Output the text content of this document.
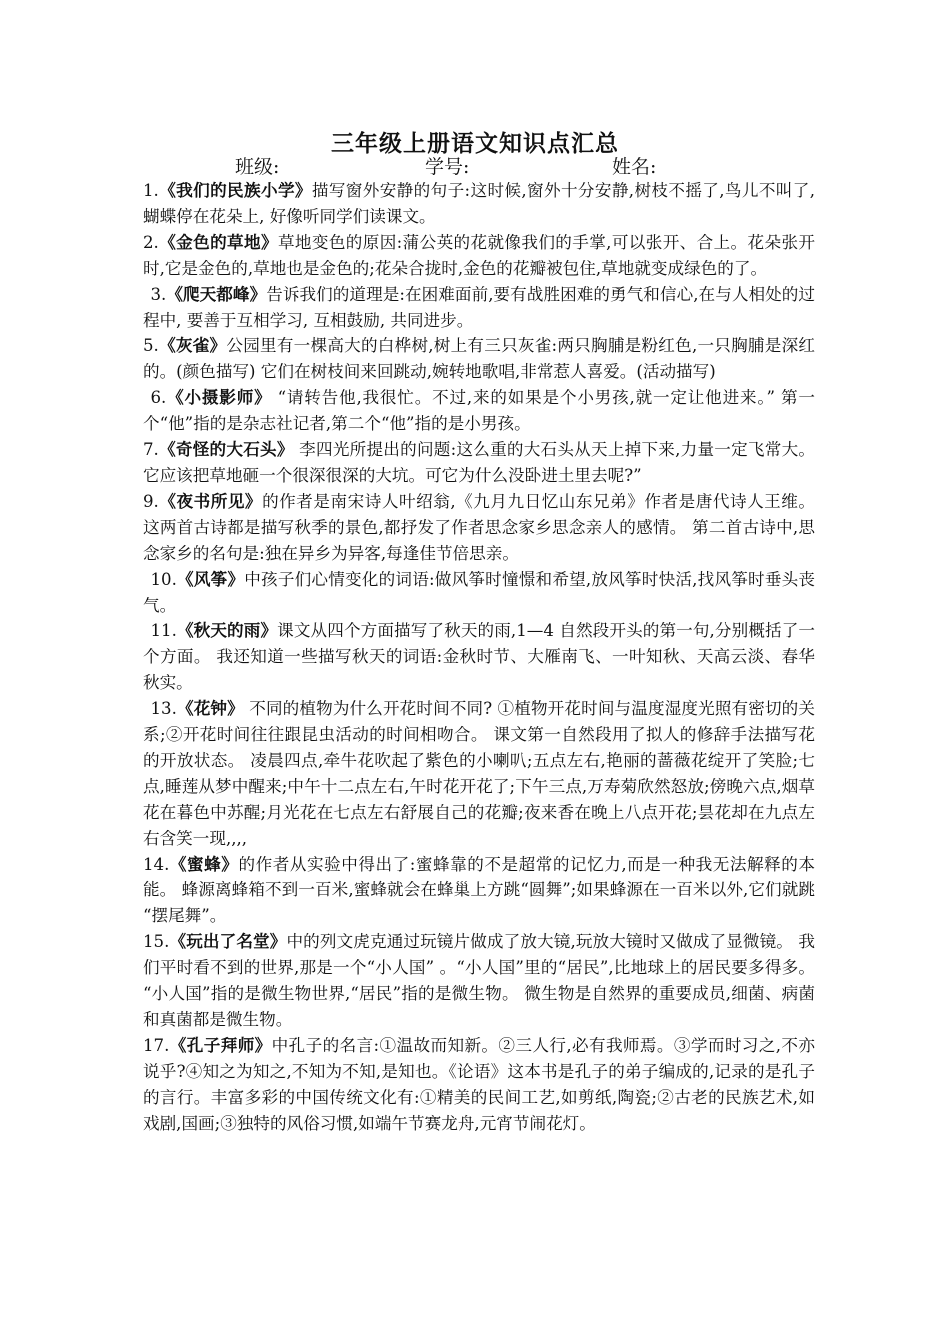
三年级上册语文知识点汇总
班级:	学号:	姓名:

1.《我们的民族小学》描写窗外安静的句子:这时候,窗外十分安静,树枝不摇了,鸟儿不叫了,蝴蝶停在花朵上, 好像听同学们读课文。

2.《金色的草地》草地变色的原因:蒲公英的花就像我们的手掌,可以张开、合上。花朵张开时,它是金色的,草地也是金色的;花朵合拢时,金色的花瓣被包住,草地就变成绿色的了。

3.《爬天都峰》告诉我们的道理是:在困难面前,要有战胜困难的勇气和信心,在与人相处的过程中, 要善于互相学习, 互相鼓励, 共同进步。

5.《灰雀》公园里有一棵高大的白桦树,树上有三只灰雀:两只胸脯是粉红色,一只胸脯是深红的。(颜色描写) 它们在树枝间来回跳动,婉转地歌唱,非常惹人喜爱。(活动描写)

6.《小摄影师》 “请转告他,我很忙。不过,来的如果是个小男孩,就一定让他进来。” 第一个“他”指的是杂志社记者,第二个“他”指的是小男孩。

7.《奇怪的大石头》 李四光所提出的问题:这么重的大石头从天上掉下来,力量一定飞常大。它应该把草地砸一个很深很深的大坑。可它为什么没卧进土里去呢?”

9.《夜书所见》的作者是南宋诗人叶绍翁,《九月九日忆山东兄弟》作者是唐代诗人王维。 这两首古诗都是描写秋季的景色,都抒发了作者思念家乡思念亲人的感情。 第二首古诗中,思念家乡的名句是:独在异乡为异客,每逢佳节倍思亲。

10.《风筝》中孩子们心情变化的词语:做风筝时憧憬和希望,放风筝时快活,找风筝时垂头丧气。

11.《秋天的雨》课文从四个方面描写了秋天的雨,1—4 自然段开头的第一句,分别概括了一个方面。 我还知道一些描写秋天的词语:金秋时节、大雁南飞、一叶知秋、天高云淡、春华秋实。

13.《花钟》 不同的植物为什么开花时间不同? ①植物开花时间与温度湿度光照有密切的关系;②开花时间往往跟昆虫活动的时间相吻合。 课文第一自然段用了拟人的修辞手法描写花的开放状态。 凌晨四点,牵牛花吹起了紫色的小喇叭;五点左右,艳丽的蔷薇花绽开了笑脸;七点,睡莲从梦中醒来;中午十二点左右,午时花开花了;下午三点,万寿菊欣然怒放;傍晚六点,烟草花在暮色中苏醒;月光花在七点左右舒展自己的花瓣;夜来香在晚上八点开花;昙花却在九点左右含笑一现,,,,

14.《蜜蜂》的作者从实验中得出了:蜜蜂靠的不是超常的记忆力,而是一种我无法解释的本能。 蜂源离蜂箱不到一百米,蜜蜂就会在蜂巢上方跳“圆舞”;如果蜂源在一百米以外,它们就跳 “摆尾舞”。

15.《玩出了名堂》中的列文虎克通过玩镜片做成了放大镜,玩放大镜时又做成了显微镜。 我们平时看不到的世界,那是一个“小人国” 。“小人国”里的“居民”,比地球上的居民要多得多。 “小人国”指的是微生物世界,“居民”指的是微生物。 微生物是自然界的重要成员,细菌、病菌和真菌都是微生物。

17.《孔子拜师》中孔子的名言:①温故而知新。②三人行,必有我师焉。③学而时习之,不亦说乎?④知之为知之,不知为不知,是知也。《论语》这本书是孔子的弟子编成的,记录的是孔子的言行。丰富多彩的中国传统文化有:①精美的民间工艺,如剪纸,陶瓷;②古老的民族艺术,如戏剧,国画;③独特的风俗习惯,如端午节赛龙舟,元宵节闹花灯。
